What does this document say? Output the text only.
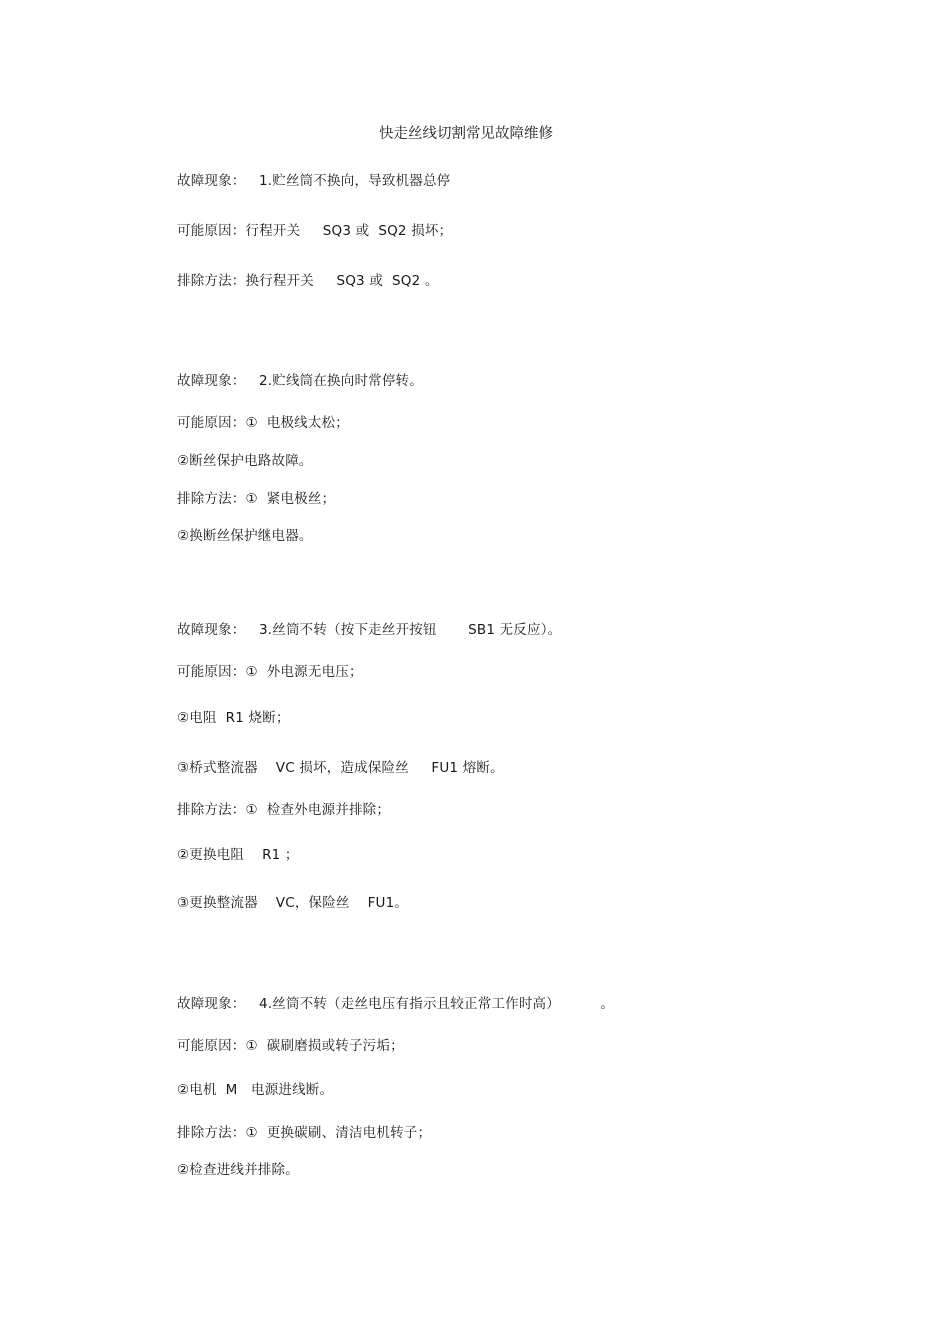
快走丝线切割常见故障维修
故障现象：   1.贮丝筒不换向，导致机器总停
可能原因：行程开关     SQ3 或  SQ2 损坏；
排除方法：换行程开关     SQ3 或  SQ2 。
故障现象：   2.贮线筒在换向时常停转。
可能原因：①  电极线太松；
②断丝保护电路故障。
排除方法：①  紧电极丝；
②换断丝保护继电器。
故障现象：   3.丝筒不转（按下走丝开按钮       SB1 无反应）。
可能原因：①  外电源无电压；
②电阻  R1 烧断；
③桥式整流器    VC 损坏，造成保险丝     FU1 熔断。
排除方法：①  检查外电源并排除；
②更换电阻    R1 ；
③更换整流器    VC，保险丝    FU1。
故障现象：   4.丝筒不转（走丝电压有指示且较正常工作时高）         。
可能原因：①  碳刷磨损或转子污垢；
②电机  M   电源进线断。
排除方法：①  更换碳刷、清洁电机转子；
②检查进线并排除。
